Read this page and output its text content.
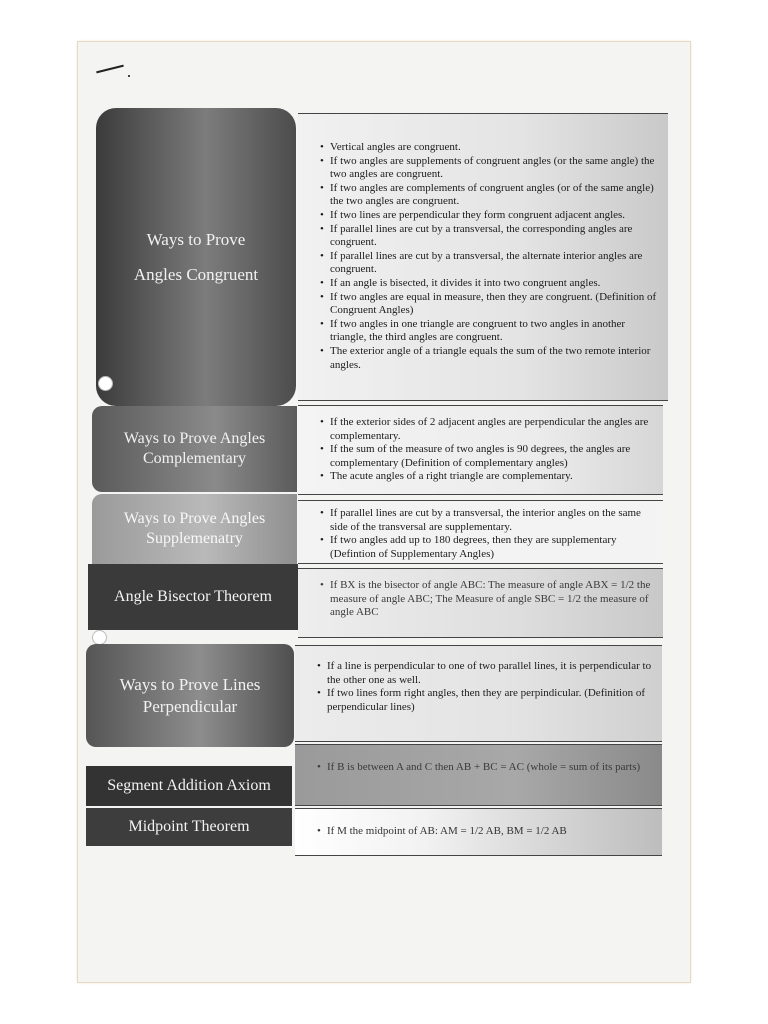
Ways to Prove
Angles Congruent
• Vertical angles are congruent.
• If two angles are supplements of congruent angles (or the same angle) the two angles are congruent.
• If two angles are complements of congruent angles (or of the same angle) the two angles are congruent.
• If two lines are perpendicular they form congruent adjacent angles.
• If parallel lines are cut by a transversal, the corresponding angles are congruent.
• If parallel lines are cut by a transversal, the alternate interior angles are congruent.
• If an angle is bisected, it divides it into two congruent angles.
• If two angles are equal in measure, then they are congruent. (Definition of Congruent Angles)
• If two angles in one triangle are congruent to two angles in another triangle, the third angles are congruent.
• The exterior angle of a triangle equals the sum of the two remote interior angles.
Ways to Prove Angles
Complementary
• If the exterior sides of 2 adjacent angles are perpendicular the angles are complementary.
• If the sum of the measure of two angles is 90 degrees, the angles are complementary (Definition of complementary angles)
• The acute angles of a right triangle are complementary.
Ways to Prove Angles
Supplemenatry
• If parallel lines are cut by a transversal, the interior angles on the same side of the transversal are supplementary.
• If two angles add up to 180 degrees, then they are supplementary (Defintion of Supplementary Angles)
Angle Bisector Theorem
• If BX is the bisector of angle ABC: The measure of angle ABX = 1/2 the measure of angle ABC; The Measure of angle SBC = 1/2 the measure of angle ABC
Ways to Prove Lines
Perpendicular
• If a line is perpendicular to one of two parallel lines, it is perpendicular to the other one as well.
• If two lines form right angles, then they are perpindicular. (Definition of perpendicular lines)
• If B is between A and C then AB + BC = AC (whole = sum of its parts)
Segment Addition Axiom
Midpoint Theorem
•	If M the midpoint of AB: AM = 1/2 AB, BM = 1/2 AB
